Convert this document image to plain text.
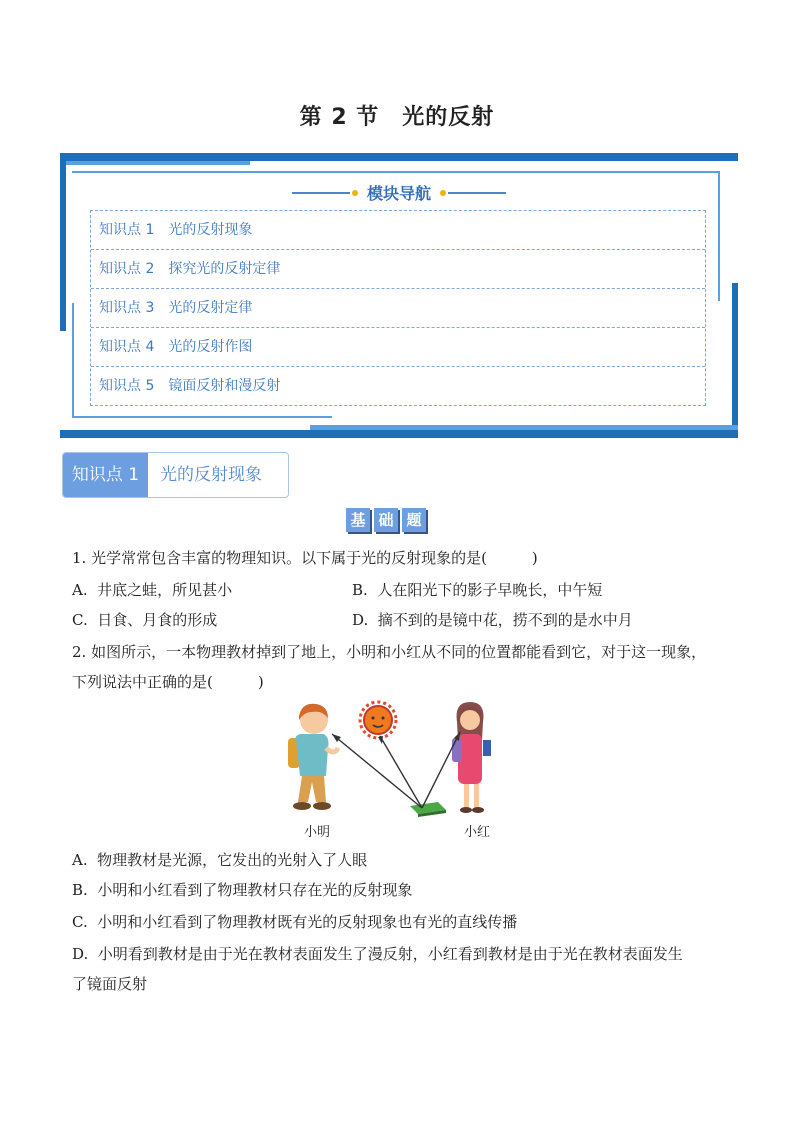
第 2 节　光的反射
模块导航
知识点 1　光的反射现象
知识点 2　探究光的反射定律
知识点 3　光的反射定律
知识点 4　光的反射作图
知识点 5　镜面反射和漫反射
知识点 1	光的反射现象
基 础 题
1. 光学常常包含丰富的物理知识。以下属于光的反射现象的是(　　　)
A.  井底之蛙，所见甚小	B.  人在阳光下的影子早晚长，中午短
C.  日食、月食的形成	D.  摘不到的是镜中花，捞不到的是水中月
2. 如图所示，一本物理教材掉到了地上，小明和小红从不同的位置都能看到它，对于这一现象，
下列说法中正确的是(　　　)
小明	小红
A.  物理教材是光源，它发出的光射入了人眼
B.  小明和小红看到了物理教材只存在光的反射现象
C.  小明和小红看到了物理教材既有光的反射现象也有光的直线传播
D.  小明看到教材是由于光在教材表面发生了漫反射，小红看到教材是由于光在教材表面发生
了镜面反射
